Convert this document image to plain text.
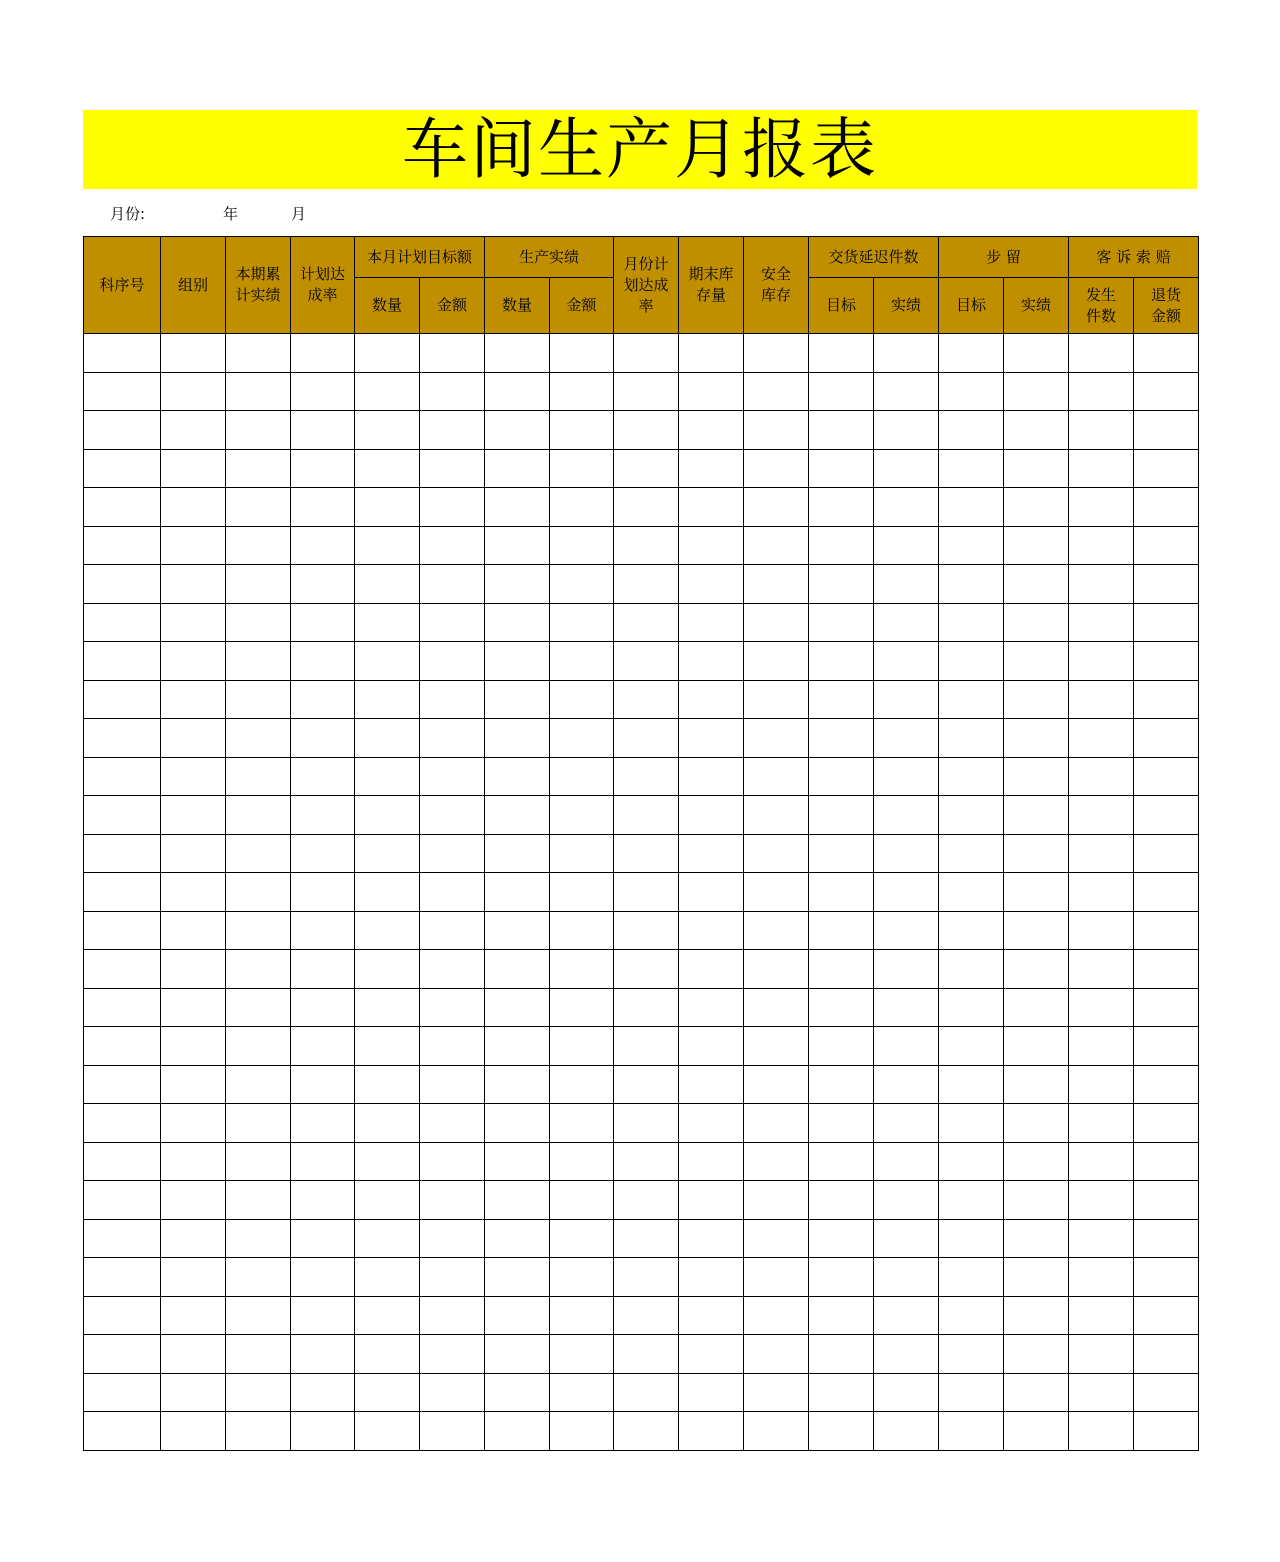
车间生产月报表
月份:	年	月
科序号	组别	本期累计实绩	计划达成率	本月计划目标额		生产实绩		月份计划达成率	期末库存量	安全库存	交货延迟件数		步 留		客 诉 索 赔	
				数量	金额	数量	金额				目标	实绩	目标	实绩	发生件数	退货金额
